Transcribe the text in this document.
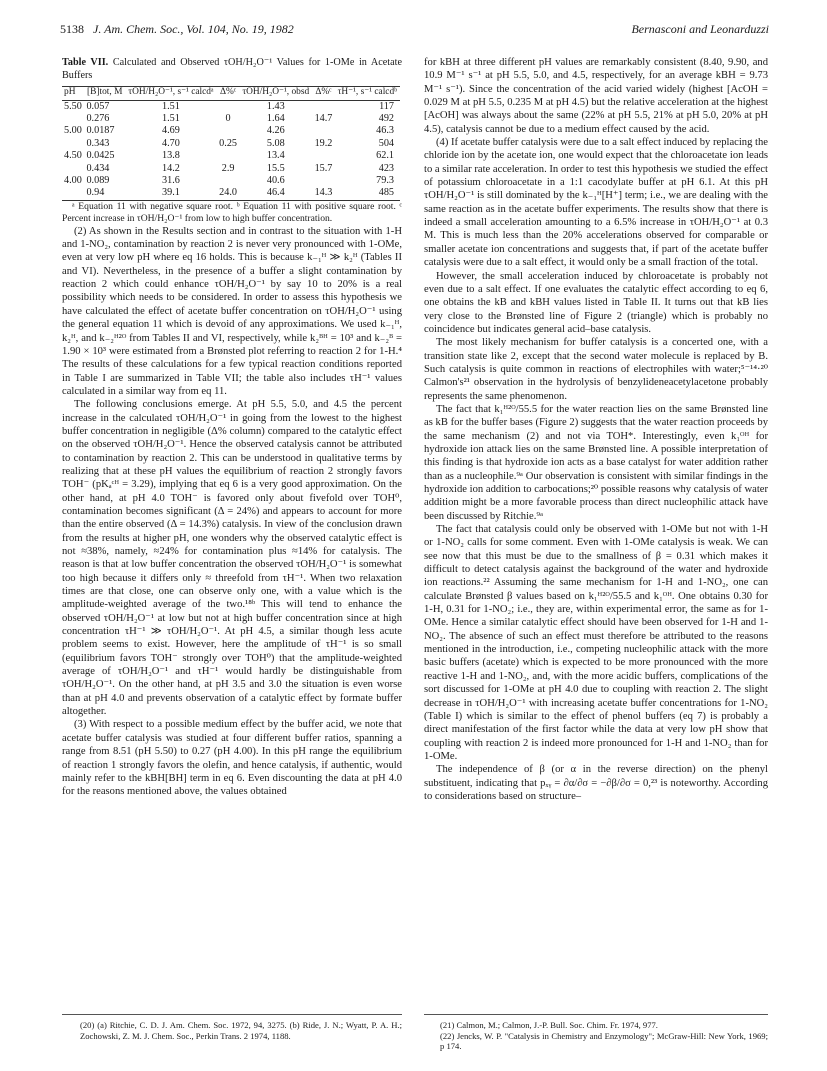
5138 J. Am. Chem. Soc., Vol. 104, No. 19, 1982	Bernasconi and Leonarduzzi
Table VII. Calculated and Observed τOH/H₂O⁻¹ Values for 1-OMe in Acetate Buffers
pH	[B]tot, M	τOH/H₂O⁻¹, s⁻¹ calcdᵃ	Δ%ᶜ	τOH/H₂O⁻¹, obsd	Δ%ᶜ	τH⁻¹, s⁻¹ calcdᵇ
5.50	0.057	1.51		1.43		117
	0.276	1.51	0	1.64	14.7	492
5.00	0.0187	4.69		4.26		46.3
	0.343	4.70	0.25	5.08	19.2	504
4.50	0.0425	13.8		13.4		62.1
	0.434	14.2	2.9	15.5	15.7	423
4.00	0.089	31.6		40.6		79.3
	0.94	39.1	24.0	46.4	14.3	485

ᵃ Equation 11 with negative square root. ᵇ Equation 11 with positive square root. ᶜ Percent increase in τOH/H₂O⁻¹ from low to high buffer concentration.

(2) As shown in the Results section and in contrast to the situation with 1-H and 1-NO₂, contamination by reaction 2 is never very pronounced with 1-OMe, even at very low pH where eq 16 holds. This is because k₋₁ᴴ ≫ k₂ᴴ (Tables II and VI). Nevertheless, in the presence of a buffer a slight contamination by reaction 2 which could enhance τOH/H₂O⁻¹ by say 10 to 20% is a real possibility which needs to be considered. In order to assess this hypothesis we have calculated the effect of acetate buffer concentration on τOH/H₂O⁻¹ using the general equation 11 which is devoid of any approximations. We used k₋₁ᴴ, k₂ᴴ, and k₋₂ᴴ²ᴼ from Tables II and VI, respectively, while k₂ᴮᴴ = 10³ and k₋₂ᴮ = 1.90 × 10³ were estimated from a Brønsted plot referring to reaction 2 for 1-H.⁴ The results of these calculations for a few typical reaction conditions reported in Table I are summarized in Table VII; the table also includes τH⁻¹ values calculated in a similar way from eq 11.

The following conclusions emerge. At pH 5.5, 5.0, and 4.5 the percent increase in the calculated τOH/H₂O⁻¹ in going from the lowest to the highest buffer concentration in negligible (Δ% column) compared to the catalytic effect on the observed τOH/H₂O⁻¹. Hence the observed catalysis cannot be attributed to contamination by reaction 2. This can be understood in qualitative terms by realizing that at these pH values the equilibrium of reaction 2 strongly favors TOH⁻ (pKₐᶜᴴ = 3.29), implying that eq 6 is a very good approximation. On the other hand, at pH 4.0 TOH⁻ is favored only about fivefold over TOH⁰, contamination becomes significant (Δ = 24%) and appears to account for more than the entire observed (Δ = 14.3%) catalysis. In view of the conclusion drawn from the results at higher pH, one wonders why the observed catalytic effect is not ≈38%, namely, ≈24% for contamination plus ≈14% for catalysis. The reason is that at low buffer concentration the observed τOH/H₂O⁻¹ is somewhat too high because it differs only ≈ threefold from τH⁻¹. When two relaxation times are that close, one can observe only one, with a value which is the amplitude-weighted average of the two.¹⁸ᵇ This will tend to enhance the observed τOH/H₂O⁻¹ at low but not at high buffer concentration since at high concentration τH⁻¹ ≫ τOH/H₂O⁻¹. At pH 4.5, a similar though less acute problem seems to exist. However, here the amplitude of τH⁻¹ is so small (equilibrium favors TOH⁻ strongly over TOH⁰) that the amplitude-weighted average of τOH/H₂O⁻¹ and τH⁻¹ would hardly be distinguishable from τOH/H₂O⁻¹. On the other hand, at pH 3.5 and 3.0 the situation is even worse than at pH 4.0 and prevents observation of a catalytic effect by formate buffer altogether.

(3) With respect to a possible medium effect by the buffer acid, we note that acetate buffer catalysis was studied at four different buffer ratios, spanning a range from 8.51 (pH 5.50) to 0.27 (pH 4.00). In this pH range the equilibrium of reaction 1 strongly favors the olefin, and hence catalysis, if authentic, would mainly refer to the kBH[BH] term in eq 6. Even discounting the data at pH 4.0 for the reasons mentioned above, the values obtained

for kBH at three different pH values are remarkably consistent (8.40, 9.90, and 10.9 M⁻¹ s⁻¹ at pH 5.5, 5.0, and 4.5, respectively, for an average kBH = 9.73 M⁻¹ s⁻¹). Since the concentration of the acid varied widely (highest [AcOH = 0.029 M at pH 5.5, 0.235 M at pH 4.5) but the relative acceleration at the highest [AcOH] was always about the same (22% at pH 5.5, 21% at pH 5.0, 20% at pH 4.5), catalysis cannot be due to a medium effect caused by the acid.

(4) If acetate buffer catalysis were due to a salt effect induced by replacing the chloride ion by the acetate ion, one would expect that the chloroacetate ion leads to a similar rate acceleration. In order to test this hypothesis we studied the effect of potassium chloroacetate in a 1:1 cacodylate buffer at pH 6.1. At this pH τOH/H₂O⁻¹ is still dominated by the k₋₁ᴴ[H⁺] term; i.e., we are dealing with the same reaction as in the acetate buffer experiments. The results show that there is indeed a small acceleration amounting to a 6.5% increase in τOH/H₂O⁻¹ at 0.3 M. This is much less than the 20% accelerations observed for comparable or smaller acetate ion concentrations and suggests that, if part of the acetate buffer catalysis were due to a salt effect, it would only be a small fraction of the total.

However, the small acceleration induced by chloroacetate is probably not even due to a salt effect. If one evaluates the catalytic effect according to eq 6, one obtains the kB and kBH values listed in Table II. It turns out that kB lies very close to the Brønsted line of Figure 2 (triangle) which is probably no coincidence but indicates general acid–base catalysis.

The most likely mechanism for buffer catalysis is a concerted one, with a transition state like 2, except that the second water molecule is replaced by B. Such catalysis is quite common in reactions of electrophiles with water;⁵⁻¹⁴·²⁰ Calmon's²¹ observation in the hydrolysis of benzylideneacetylacetone probably represents the same phenomenon.

The fact that k₁ᴴ²ᴼ/55.5 for the water reaction lies on the same Brønsted line as kB for the buffer bases (Figure 2) suggests that the water reaction proceeds by the same mechanism (2) and not via TOH*. Interestingly, even k₁ᴼᴴ for hydroxide ion attack lies on the same Brønsted line. A possible interpretation of this finding is that hydroxide ion acts as a base catalyst for water addition rather than as a nucleophile.⁹ᵃ Our observation is consistent with similar findings in the hydroxide ion addition to carbocations;²⁰ possible reasons why catalysis of water addition might be a more favorable process than direct nucleophilic attack have been discussed by Ritchie.⁹ᵃ

The fact that catalysis could only be observed with 1-OMe but not with 1-H or 1-NO₂ calls for some comment. Even with 1-OMe catalysis is weak. We can see now that this must be due to the smallness of β = 0.31 which makes it difficult to detect catalysis against the background of the water and hydroxide ion reactions.²² Assuming the same mechanism for 1-H and 1-NO₂, one can calculate Brønsted β values based on k₁ᴴ²ᴼ/55.5 and k₁ᴼᴴ. One obtains 0.30 for 1-H, 0.31 for 1-NO₂; i.e., they are, within experimental error, the same as for 1-OMe. Hence a similar catalytic effect should have been observed for 1-H and 1-NO₂. The absence of such an effect must therefore be attributed to the reasons mentioned in the introduction, i.e., competing nucleophilic attack with the more basic buffers (acetate) which is expected to be more pronounced with the more reactive 1-H and 1-NO₂, and, with the more acidic buffers, complications of the sort discussed for 1-OMe at pH 4.0 due to coupling with reaction 2. The slight decrease in τOH/H₂O⁻¹ with increasing acetate buffer concentrations for 1-NO₂ (Table I) which is similar to the effect of phenol buffers (eq 7) is probably a direct manifestation of the first factor while the data at very low pH show that coupling with reaction 2 is indeed more pronounced for 1-H and 1-NO₂ than for 1-OMe.

The independence of β (or α in the reverse direction) on the phenyl substituent, indicating that pₓᵧ = ∂α/∂σ = −∂β/∂σ = 0,²³ is noteworthy. According to considerations based on structure–

(20) (a) Ritchie, C. D. J. Am. Chem. Soc. 1972, 94, 3275. (b) Ride, J. N.; Wyatt, P. A. H.; Zochowski, Z. M. J. Chem. Soc., Perkin Trans. 2 1974, 1188.

(21) Calmon, M.; Calmon, J.-P. Bull. Soc. Chim. Fr. 1974, 977.

(22) Jencks, W. P. "Catalysis in Chemistry and Enzymology"; McGraw-Hill: New York, 1969; p 174.
